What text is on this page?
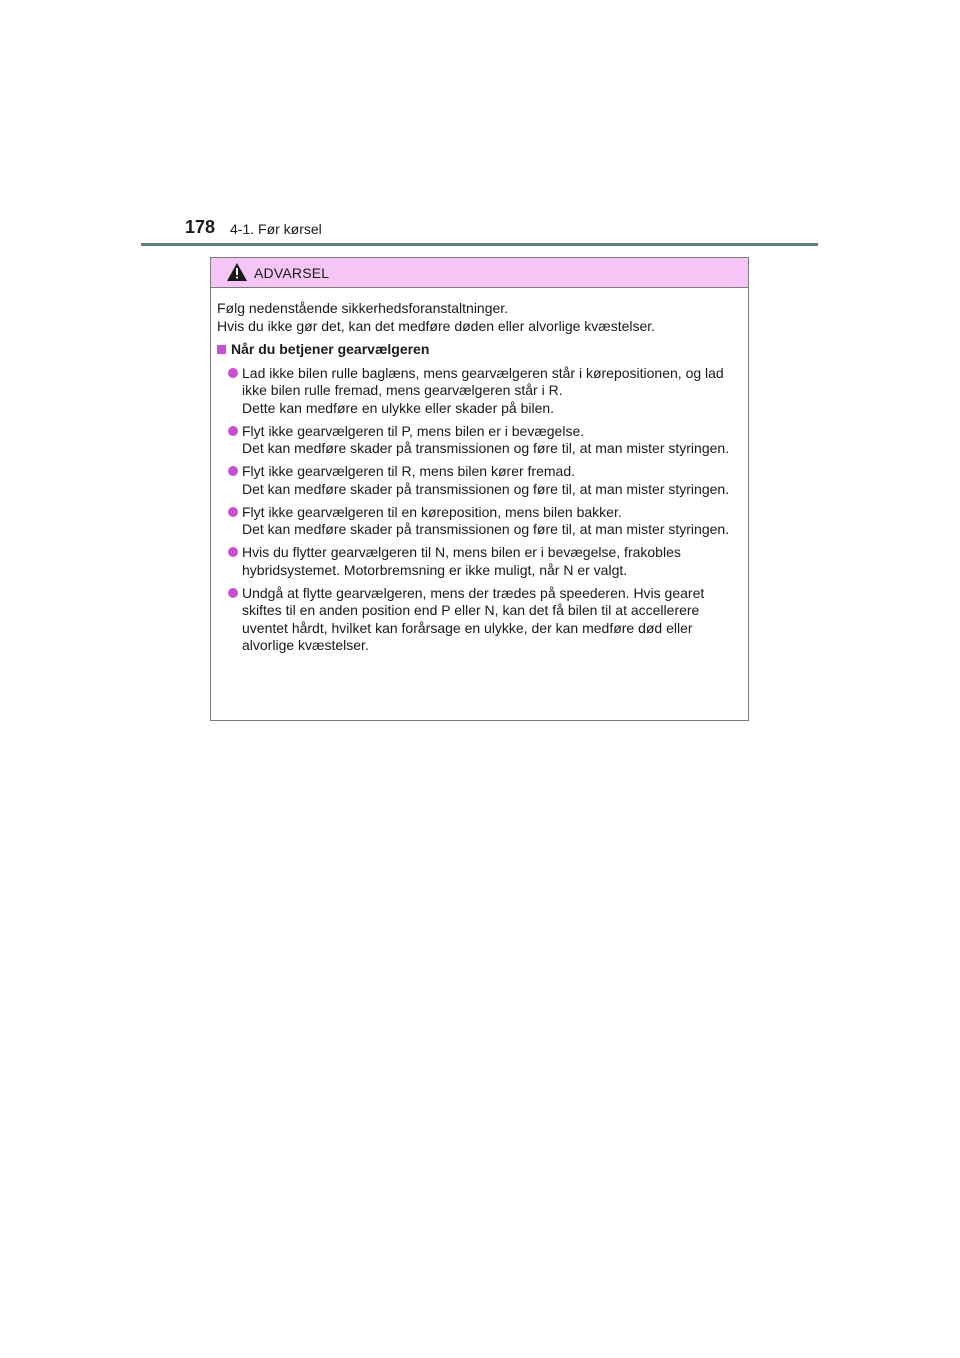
178 4-1. Før kørsel
ADVARSEL

Følg nedenstående sikkerhedsforanstaltninger.
Hvis du ikke gør det, kan det medføre døden eller alvorlige kvæstelser.

Når du betjener gearvælgeren
Lad ikke bilen rulle baglæns, mens gearvælgeren står i kørepositionen, og lad ikke bilen rulle fremad, mens gearvælgeren står i R.
Dette kan medføre en ulykke eller skader på bilen.
Flyt ikke gearvælgeren til P, mens bilen er i bevægelse.
Det kan medføre skader på transmissionen og føre til, at man mister styringen.
Flyt ikke gearvælgeren til R, mens bilen kører fremad.
Det kan medføre skader på transmissionen og føre til, at man mister styringen.
Flyt ikke gearvælgeren til en køreposition, mens bilen bakker.
Det kan medføre skader på transmissionen og føre til, at man mister styringen.
Hvis du flytter gearvælgeren til N, mens bilen er i bevægelse, frakobles hybridsystemet. Motorbremsning er ikke muligt, når N er valgt.
Undgå at flytte gearvælgeren, mens der trædes på speederen. Hvis gearet skiftes til en anden position end P eller N, kan det få bilen til at accellerere uventet hårdt, hvilket kan forårsage en ulykke, der kan medføre død eller alvorlige kvæstelser.
